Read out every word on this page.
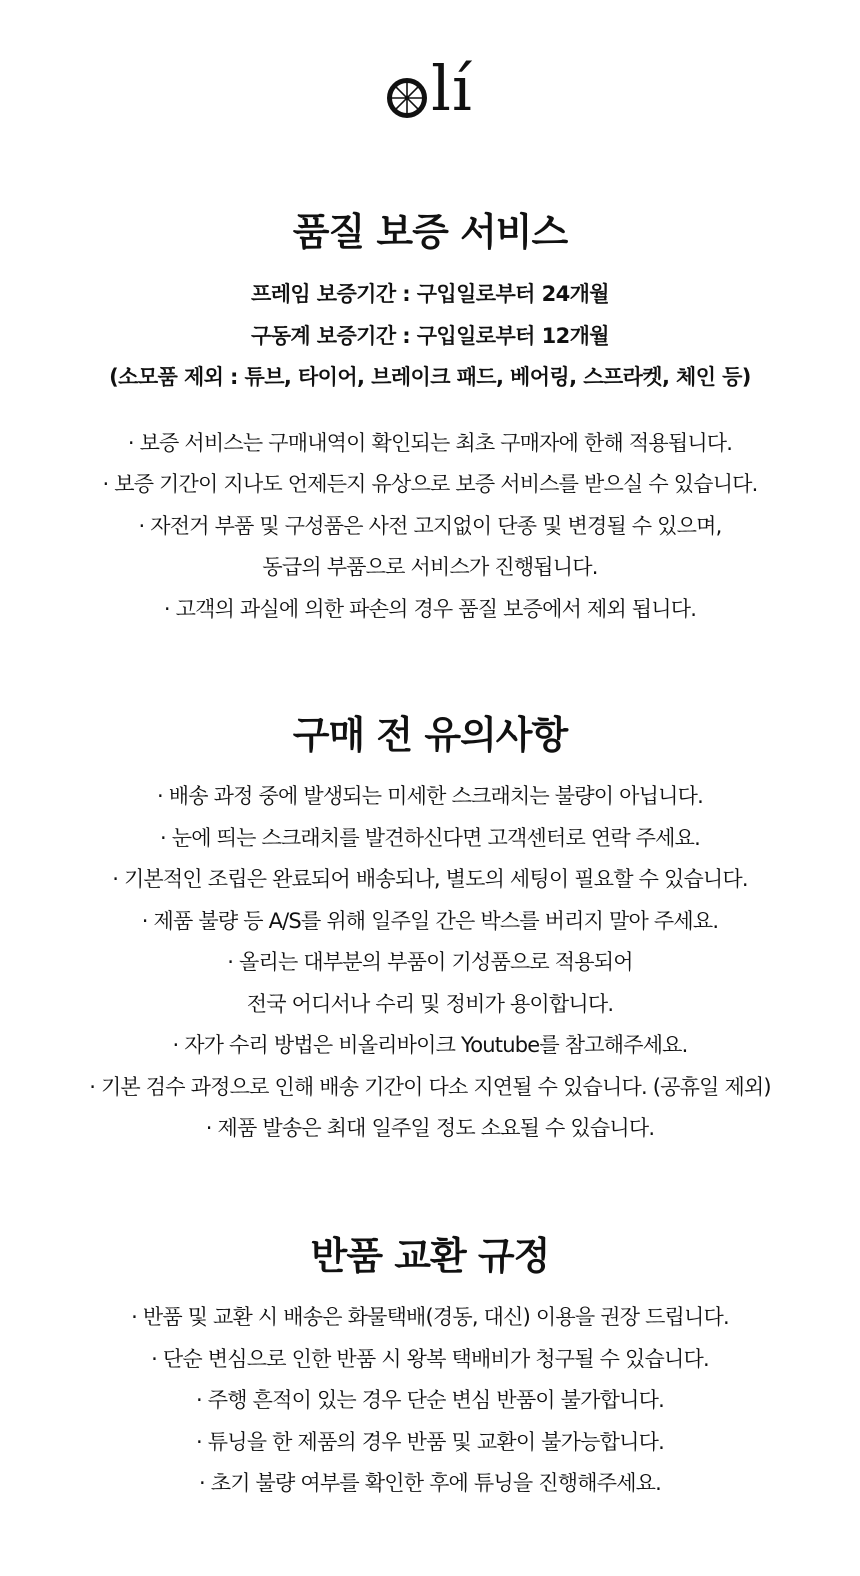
lí
품질 보증 서비스

프레임 보증기간 : 구입일로부터 24개월

구동계 보증기간 : 구입일로부터 12개월

(소모품 제외 : 튜브, 타이어, 브레이크 패드, 베어링, 스프라켓, 체인 등)

· 보증 서비스는 구매내역이 확인되는 최초 구매자에 한해 적용됩니다.

· 보증 기간이 지나도 언제든지 유상으로 보증 서비스를 받으실 수 있습니다.

· 자전거 부품 및 구성품은 사전 고지없이 단종 및 변경될 수 있으며,

동급의 부품으로 서비스가 진행됩니다.

· 고객의 과실에 의한 파손의 경우 품질 보증에서 제외 됩니다.

구매 전 유의사항

· 배송 과정 중에 발생되는 미세한 스크래치는 불량이 아닙니다.

· 눈에 띄는 스크래치를 발견하신다면 고객센터로 연락 주세요.

· 기본적인 조립은 완료되어 배송되나, 별도의 세팅이 필요할 수 있습니다.

· 제품 불량 등 A/S를 위해 일주일 간은 박스를 버리지 말아 주세요.

· 올리는 대부분의 부품이 기성품으로 적용되어

전국 어디서나 수리 및 정비가 용이합니다.

· 자가 수리 방법은 비올리바이크 Youtube를 참고해주세요.

· 기본 검수 과정으로 인해 배송 기간이 다소 지연될 수 있습니다. (공휴일 제외)

· 제품 발송은 최대 일주일 정도 소요될 수 있습니다.

반품 교환 규정

· 반품 및 교환 시 배송은 화물택배(경동, 대신) 이용을 권장 드립니다.

· 단순 변심으로 인한 반품 시 왕복 택배비가 청구될 수 있습니다.

· 주행 흔적이 있는 경우 단순 변심 반품이 불가합니다.

· 튜닝을 한 제품의 경우 반품 및 교환이 불가능합니다.

· 초기 불량 여부를 확인한 후에 튜닝을 진행해주세요.
